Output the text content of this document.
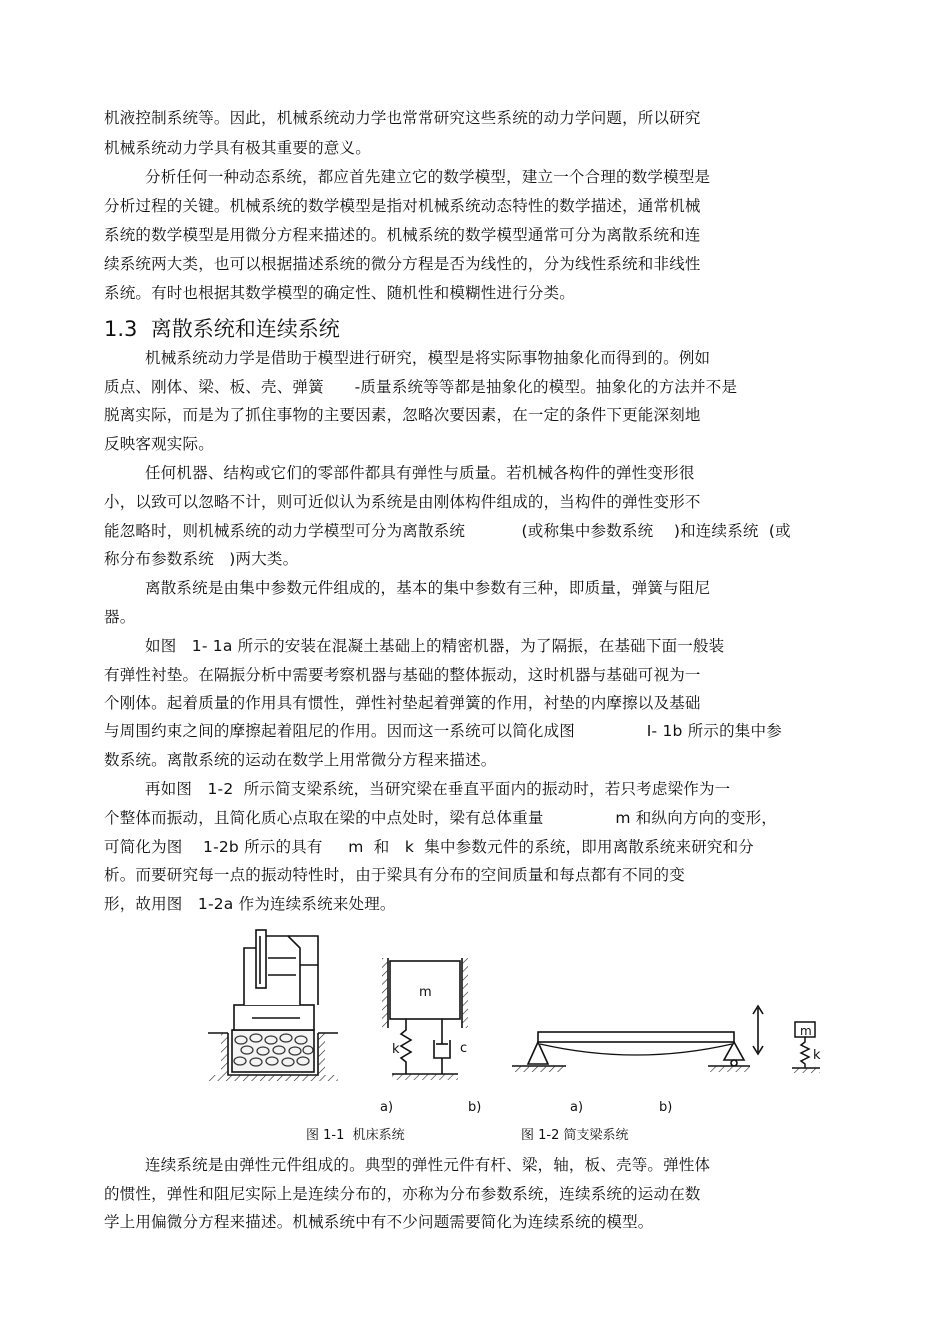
机液控制系统等。因此，机械系统动力学也常常研究这些系统的动力学问题，所以研究
机械系统动力学具有极其重要的意义。
分析任何一种动态系统，都应首先建立它的数学模型，建立一个合理的数学模型是
分析过程的关键。机械系统的数学模型是指对机械系统动态特性的数学描述，通常机械
系统的数学模型是用微分方程来描述的。机械系统的数学模型通常可分为离散系统和连
续系统两大类，也可以根据描述系统的微分方程是否为线性的，分为线性系统和非线性
系统。有时也根据其数学模型的确定性、随机性和模糊性进行分类。
1.3  离散系统和连续系统
机械系统动力学是借助于模型进行研究，模型是将实际事物抽象化而得到的。例如
质点、刚体、梁、板、壳、弹簧      -质量系统等等都是抽象化的模型。抽象化的方法并不是
脱离实际，而是为了抓住事物的主要因素，忽略次要因素，在一定的条件下更能深刻地
反映客观实际。
任何机器、结构或它们的零部件都具有弹性与质量。若机械各构件的弹性变形很
小，以致可以忽略不计，则可近似认为系统是由刚体构件组成的，当构件的弹性变形不
能忽略时，则机械系统的动力学模型可分为离散系统           (或称集中参数系统    )和连续系统  (或
称分布参数系统   )两大类。
离散系统是由集中参数元件组成的，基本的集中参数有三种，即质量，弹簧与阻尼
器。
如图   1- 1a 所示的安装在混凝土基础上的精密机器，为了隔振，在基础下面一般装
有弹性衬垫。在隔振分析中需要考察机器与基础的整体振动，这时机器与基础可视为一
个刚体。起着质量的作用具有惯性，弹性衬垫起着弹簧的作用，衬垫的内摩擦以及基础
与周围约束之间的摩擦起着阻尼的作用。因而这一系统可以简化成图              I- 1b 所示的集中参
数系统。离散系统的运动在数学上用常微分方程来描述。
再如图   1-2  所示简支梁系统，当研究梁在垂直平面内的振动时，若只考虑梁作为一
个整体而振动，且简化质心点取在梁的中点处时，梁有总体重量              m 和纵向方向的变形，
可简化为图    1-2b 所示的具有     m  和   k  集中参数元件的系统，即用离散系统来研究和分
析。而要研究每一点的振动特性时，由于梁具有分布的空间质量和每点都有不同的变
形，故用图   1-2a 作为连续系统来处理。
m
k	c
m
k
a)	b)	a)	b)
图 1-1  机床系统	图 1-2 简支梁系统
连续系统是由弹性元件组成的。典型的弹性元件有杆、梁，轴，板、壳等。弹性体
的惯性，弹性和阻尼实际上是连续分布的，亦称为分布参数系统，连续系统的运动在数
学上用偏微分方程来描述。机械系统中有不少问题需要简化为连续系统的模型。
